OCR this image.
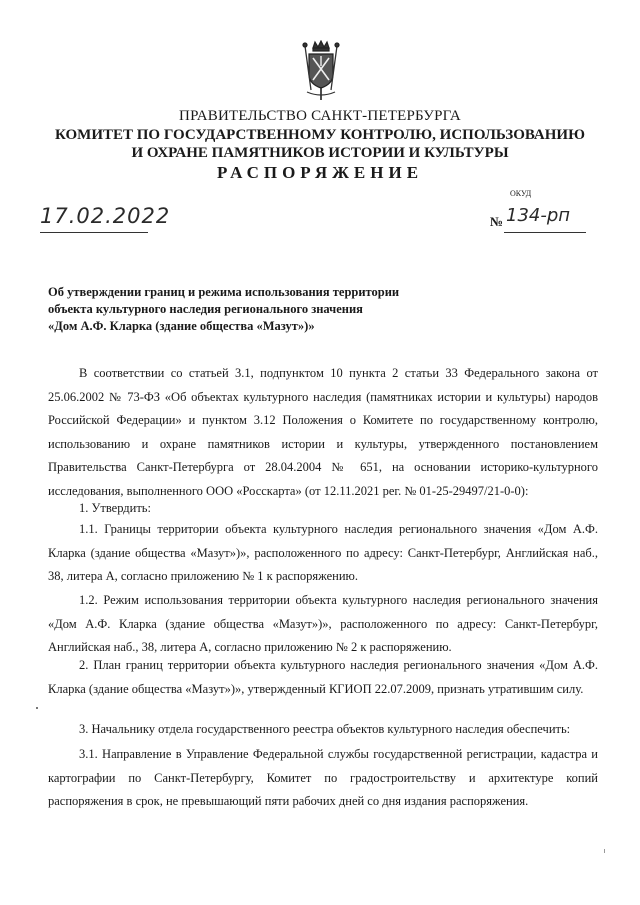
ПРАВИТЕЛЬСТВО САНКТ-ПЕТЕРБУРГА
КОМИТЕТ ПО ГОСУДАРСТВЕННОМУ КОНТРОЛЮ, ИСПОЛЬЗОВАНИЮ
И ОХРАНЕ ПАМЯТНИКОВ ИСТОРИИ И КУЛЬТУРЫ
РАСПОРЯЖЕНИЕ
ОКУД
17.02.2022	№ 134-рп
Об утверждении границ и режима использования территории
объекта культурного наследия регионального значения
«Дом А.Ф. Кларка (здание общества «Мазут»)»
В соответствии со статьей 3.1, подпунктом 10 пункта 2 статьи 33 Федерального закона от 25.06.2002 № 73-ФЗ «Об объектах культурного наследия (памятниках истории и культуры) народов Российской Федерации» и пунктом 3.12 Положения о Комитете по государственному контролю, использованию и охране памятников истории и культуры, утвержденного постановлением Правительства Санкт-Петербурга от 28.04.2004 № 651, на основании историко-культурного исследования, выполненного ООО «Росскарта» (от 12.11.2021 рег. № 01-25-29497/21-0-0):
1. Утвердить:
1.1. Границы территории объекта культурного наследия регионального значения «Дом А.Ф. Кларка (здание общества «Мазут»)», расположенного по адресу: Санкт-Петербург, Английская наб., 38, литера А, согласно приложению № 1 к распоряжению.
1.2. Режим использования территории объекта культурного наследия регионального значения «Дом А.Ф. Кларка (здание общества «Мазут»)», расположенного по адресу: Санкт-Петербург, Английская наб., 38, литера А, согласно приложению № 2 к распоряжению.
2. План границ территории объекта культурного наследия регионального значения «Дом А.Ф. Кларка (здание общества «Мазут»)», утвержденный КГИОП 22.07.2009, признать утратившим силу.
3. Начальнику отдела государственного реестра объектов культурного наследия обеспечить:
3.1. Направление в Управление Федеральной службы государственной регистрации, кадастра и картографии по Санкт-Петербургу, Комитет по градостроительству и архитектуре копий распоряжения в срок, не превышающий пяти рабочих дней со дня издания распоряжения.
